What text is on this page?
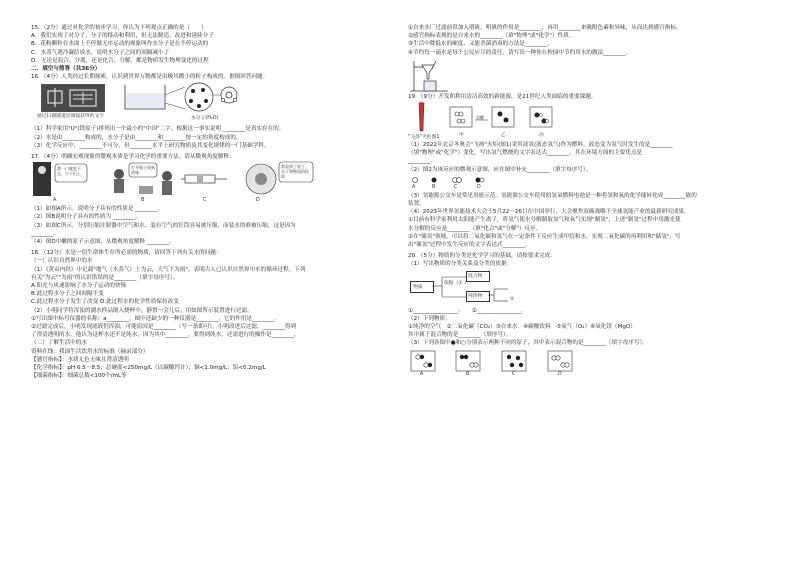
15．（2分）通过对化学的初步学习，你认为下列观点正确的是（　　）
A．我们实现了对分子、分子的移动和利用，但无法制造、改进和延续分子
B．花粉颗粒在水面上不停做无序运动的现象叫作水分子是在不停运动的
C．水蒸气遇冷凝结成水，说明水分子之间的间隔减小了
D．无论是混合、分离，还是化合、分解，都是物质发生物理变化的过程
二．填空与简答（共36分）
16．（4分）人类经过长期探索，认识到世界万物都是由极其微小的粒子构成的。据图回答问题：
通过扫描隧道显微镜获得的文字	水分子(H₂O)
（1）科学家用"U"(铁原子)排列出一个最小的"中国"二字。根据这一事实说明 ________是真实存在的。
（2）水是由________构成的，水分子是由________和________按一定的角度构成的。
（3）化学反应中，________不可分，但________水平上研究物质及其变化规律的一门基础学科。
17．（4分）明确宏观现象的微观本质是学习化学的重要方法。请从微观角度解释：
我一口就吃下去，小子们上
A
打开瓶子闻到酒味
B	C
我看到了原子，分子和物质的结构
D
（1）如图A所示，说明分子具有的性质是 ________。
（2）图B说明分子具有的性质为 ________。
（3）如图C所示，分别压缩注射器中空气和水，装有空气的针筒容易被压缩，而装水的难被压缩，这是因为
________。
（4）图D中嫩的原子示意图，从微观角度解释 ________。
18．（12分）水是一切生命体生存所必需的物质，请回答下列有关水的问题：
（一）认识自然界中的水
（1）《黄帝内经》中记载"地气（水蒸气）上为云，天气下为雨"。表明古人已认识自然界中水的循环过程。下列
有关"为云""为雨"的认识错误的是________（填字母序号）。
A.阳光与风速影响了水分子运动的快慢
B.此过程水分子之间间隔不变
C.此过程水分子发生了改变 D.此过程水的化学性质保持改变
（2）小明同学将浑浊的湖水样品倒入烧杯中，静置一会儿后，用如图所示装置进行过滤。
①写出图中标号仪器的名称：a________，图中还缺少的一种仪器是________，它的作用是________。
②过滤完成后，小明发现滤液仍浑浊，可能原因是________（写一条即可）。小明改进后过滤，________得到
了澄清透明的水，他认为这杯水还不是纯水，因为其中________，要得到纯水，还需进行的操作是________。
（二）了解生活中的水
资料在线：我国生活饮用水的标准（摘录部分）
【感官指标】：水质无色无味且澄清透明
【化学指标】：pH 6.5～8.5；总硬度<250mg/L（以碳酸钙计）；铜<1.0mg/L；铝<0.2mg/L
【细菌指标】：细菌总数<100个/mL等
①自来水厂过滤前常加入明矾，明矾的作用是________，再用________来吸附色素和异味，从而达到感官指标。
②感官指标表现的是自来水的________（填"物理"或"化学"）性质。
③生活中降低水的硬度，又能杀菌消毒的方法是________。
④节约每一滴水是每个公民应尽的责任，请写出一种你在校园中节约用水的做法________。
19．（9分）开发和利用清洁高效的新能源，是21世纪人类面临的重要课题。
"飞扬"火炬图1
点燃
甲	乙	丙
（1）2022年北京冬奥会"飞扬"火炬(图1)采用液氢(液态氢气)作为燃料，液态变为氢气时发生的是________
（填"物理"或"化学"）变化，写出氢气燃烧的文字表达式________，其在环境方面的主要优点是
________。
（2）图2为该反应的微观示意图，应在图中补充________（填字母序号）。
A	B	C	D
（3）氢能源公交车是常见用能示范。氢能源公交车使用的氢氧燃料电池是一种将氢和氧的化学能转化成________能的
装置。
（4）2023年世界氢能技术大会于5月22～26日在中国举行，大会聚焦双碳战略下全球氢能产业的最新研究成果。
①目前有科学家利用太阳能产生离子，将氢气使水分解制取氢气和氧气实现"制氢"，上述"制氢"过程中用激光使
水分解的反应是________（填"化合"或"分解"）反应。
②在"储氢"领域，可以将二氧化碳和氢气在一定条件下反应生成甲烷和水，实现二氧化碳的再利用和"储氢"，写
出"储氢"过程中发生反应的文字表达式________。
20．（5分）物质的分类是化学学习的基础，请按要求完成：
（1）写出物质的分类关系及分类的依据：
物质
依据（① ）
混合物
纯净物
②
①________________；　　②________________。
（2）下列物质：
①纯净的空气　②二氧化碳（CO₂）③自来水　④碳酸饮料　⑤氧气（O₂）⑥氧化镁（MgO）
其中属于混合物的是________（填序号）。
（3）下列各图中●和○分别表示两种不同的原子，其中表示混合物的是________（填字母序号）。
A	B	C	D
